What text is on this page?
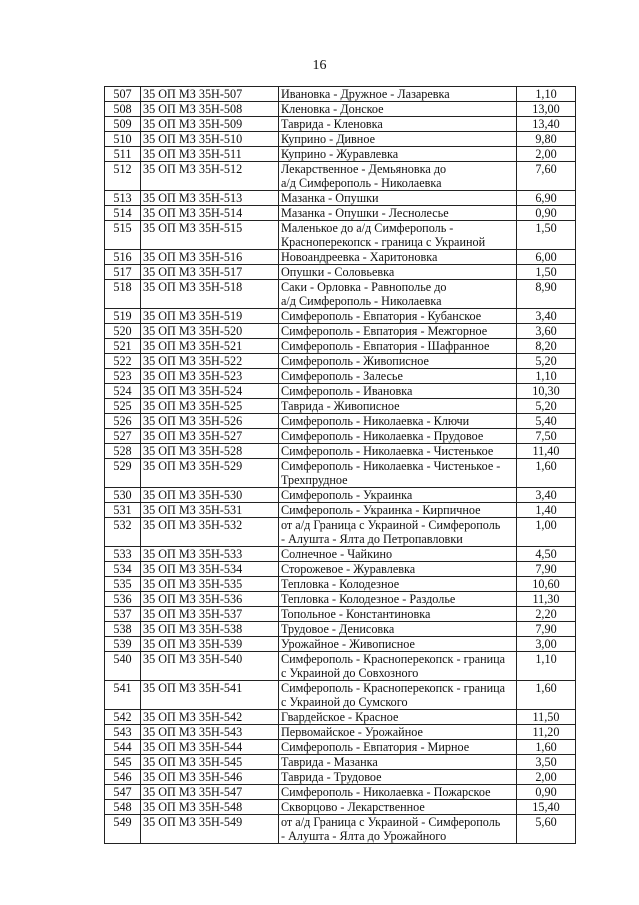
16
507	35 ОП МЗ 35Н-507	Ивановка - Дружное - Лазаревка	1,10
508	35 ОП МЗ 35Н-508	Кленовка - Донское	13,00
509	35 ОП МЗ 35Н-509	Таврида - Кленовка	13,40
510	35 ОП МЗ 35Н-510	Куприно - Дивное	9,80
511	35 ОП МЗ 35Н-511	Куприно - Журавлевка	2,00
512	35 ОП МЗ 35Н-512	Лекарственное - Демьяновка до
а/д Симферополь - Николаевка	7,60
513	35 ОП МЗ 35Н-513	Мазанка - Опушки	6,90
514	35 ОП МЗ 35Н-514	Мазанка - Опушки - Леснолесье	0,90
515	35 ОП МЗ 35Н-515	Маленькое до а/д Симферополь -
Красноперекопск - граница с Украиной	1,50
516	35 ОП МЗ 35Н-516	Новоандреевка - Харитоновка	6,00
517	35 ОП МЗ 35Н-517	Опушки - Соловьевка	1,50
518	35 ОП МЗ 35Н-518	Саки - Орловка - Равнополье до
а/д Симферополь - Николаевка	8,90
519	35 ОП МЗ 35Н-519	Симферополь - Евпатория - Кубанское	3,40
520	35 ОП МЗ 35Н-520	Симферополь - Евпатория - Межгорное	3,60
521	35 ОП МЗ 35Н-521	Симферополь - Евпатория - Шафранное	8,20
522	35 ОП МЗ 35Н-522	Симферополь - Живописное	5,20
523	35 ОП МЗ 35Н-523	Симферополь - Залесье	1,10
524	35 ОП МЗ 35Н-524	Симферополь - Ивановка	10,30
525	35 ОП МЗ 35Н-525	Таврида - Живописное	5,20
526	35 ОП МЗ 35Н-526	Симферополь - Николаевка - Ключи	5,40
527	35 ОП МЗ 35Н-527	Симферополь - Николаевка - Прудовое	7,50
528	35 ОП МЗ 35Н-528	Симферополь - Николаевка - Чистенькое	11,40
529	35 ОП МЗ 35Н-529	Симферополь - Николаевка - Чистенькое -
Трехпрудное	1,60
530	35 ОП МЗ 35Н-530	Симферополь - Украинка	3,40
531	35 ОП МЗ 35Н-531	Симферополь - Украинка - Кирпичное	1,40
532	35 ОП МЗ 35Н-532	от а/д Граница с Украиной - Симферополь
- Алушта - Ялта до Петропавловки	1,00
533	35 ОП МЗ 35Н-533	Солнечное - Чайкино	4,50
534	35 ОП МЗ 35Н-534	Сторожевое - Журавлевка	7,90
535	35 ОП МЗ 35Н-535	Тепловка - Колодезное	10,60
536	35 ОП МЗ 35Н-536	Тепловка - Колодезное - Раздолье	11,30
537	35 ОП МЗ 35Н-537	Топольное - Константиновка	2,20
538	35 ОП МЗ 35Н-538	Трудовое - Денисовка	7,90
539	35 ОП МЗ 35Н-539	Урожайное - Живописное	3,00
540	35 ОП МЗ 35Н-540	Симферополь - Красноперекопск - граница
с Украиной до Совхозного	1,10
541	35 ОП МЗ 35Н-541	Симферополь - Красноперекопск - граница
с Украиной до Сумского	1,60
542	35 ОП МЗ 35Н-542	Гвардейское - Красное	11,50
543	35 ОП МЗ 35Н-543	Первомайское - Урожайное	11,20
544	35 ОП МЗ 35Н-544	Симферополь - Евпатория - Мирное	1,60
545	35 ОП МЗ 35Н-545	Таврида - Мазанка	3,50
546	35 ОП МЗ 35Н-546	Таврида - Трудовое	2,00
547	35 ОП МЗ 35Н-547	Симферополь - Николаевка - Пожарское	0,90
548	35 ОП МЗ 35Н-548	Скворцово - Лекарственное	15,40
549	35 ОП МЗ 35Н-549	от а/д Граница с Украиной - Симферополь
- Алушта - Ялта до Урожайного	5,60
